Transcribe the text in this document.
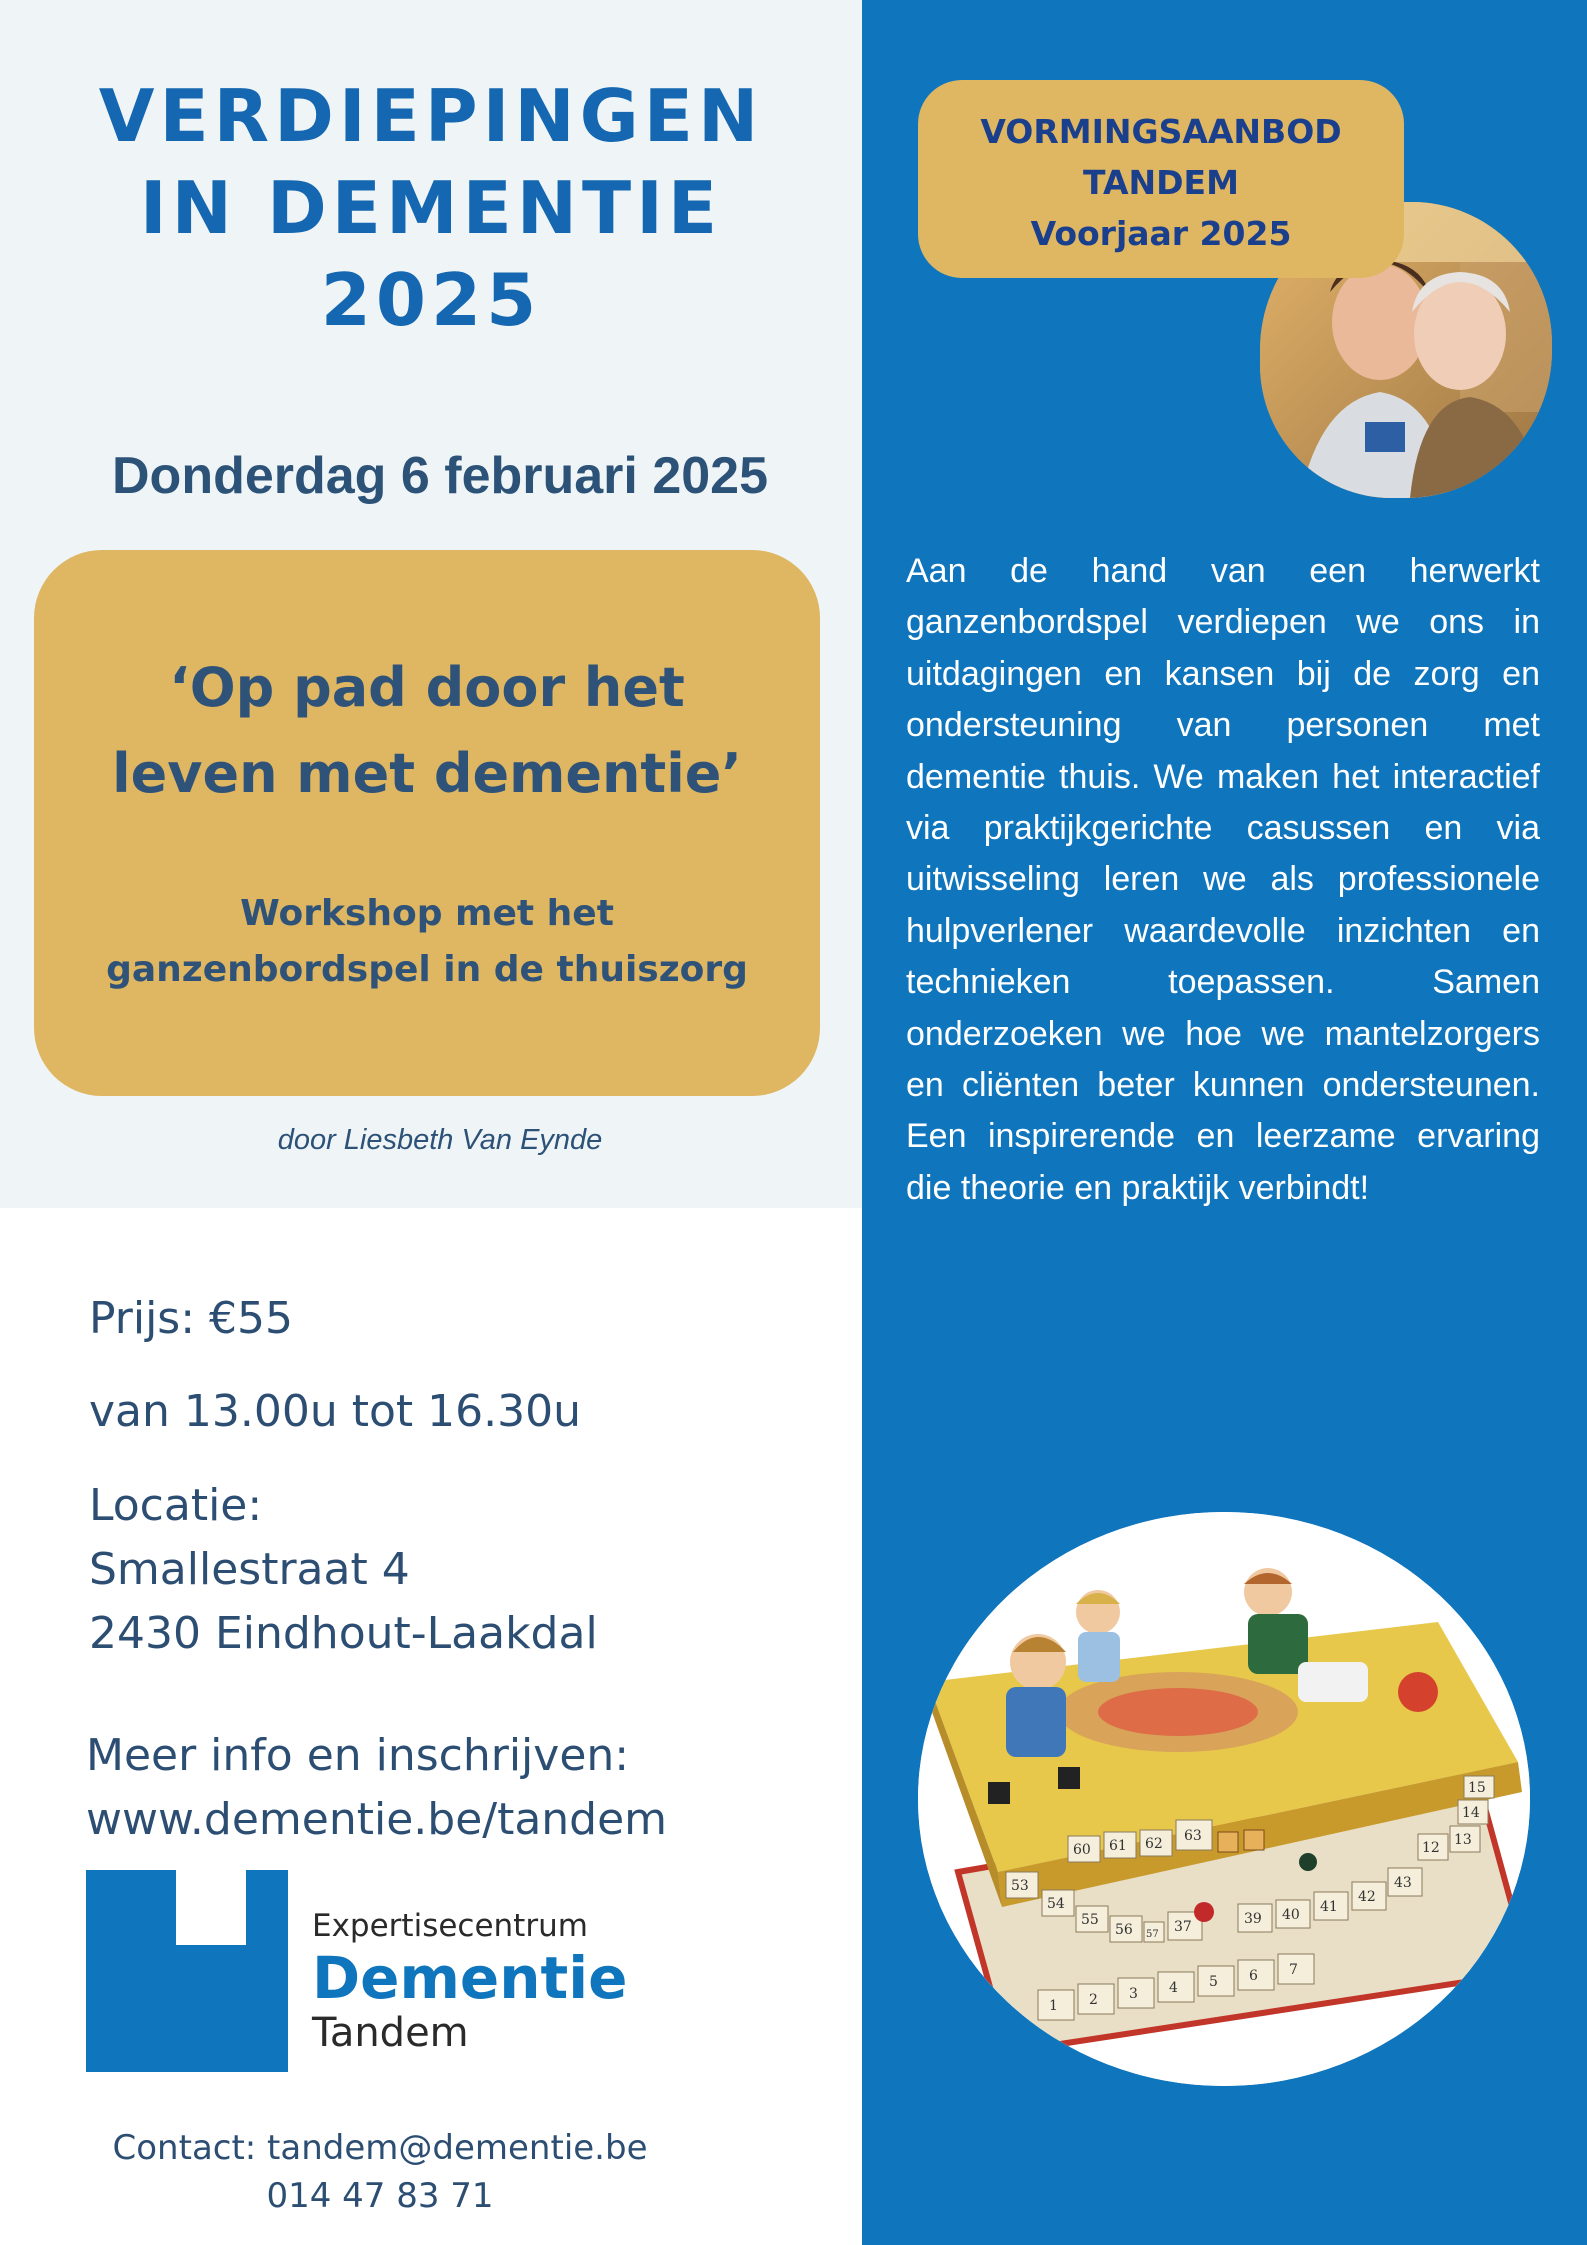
VERDIEPINGEN
IN DEMENTIE
2025
Donderdag 6 februari 2025
‘Op pad door het
leven met dementie’
Workshop met het
ganzenbordspel in de thuiszorg
door Liesbeth Van Eynde
Prijs: €55
van 13.00u tot 16.30u
Locatie:
Smallestraat 4
2430 Eindhout-Laakdal
Meer info en inschrijven:
www.dementie.be/tandem
Expertisecentrum
Dementie
Tandem
Contact: tandem@dementie.be
014 47 83 71
VORMINGSAANBOD
TANDEM
Voorjaar 2025
Aan de hand van een herwerkt ganzenbordspel verdiepen we ons in uitdagingen en kansen bij de zorg en ondersteuning van personen met dementie thuis. We maken het interactief via praktijkgerichte casussen en via uitwisseling leren we als professionele hulpverlener waardevolle inzichten en technieken toepassen. Samen onderzoeken we hoe we mantelzorgers en cliënten beter kunnen ondersteunen. Een inspirerende en leerzame ervaring die theorie en praktijk verbindt!
1 2 3 4 5 6 7
37	39 40 41
42
43
53
54
55
56 57
60 61 62 63
12 13
14
15
